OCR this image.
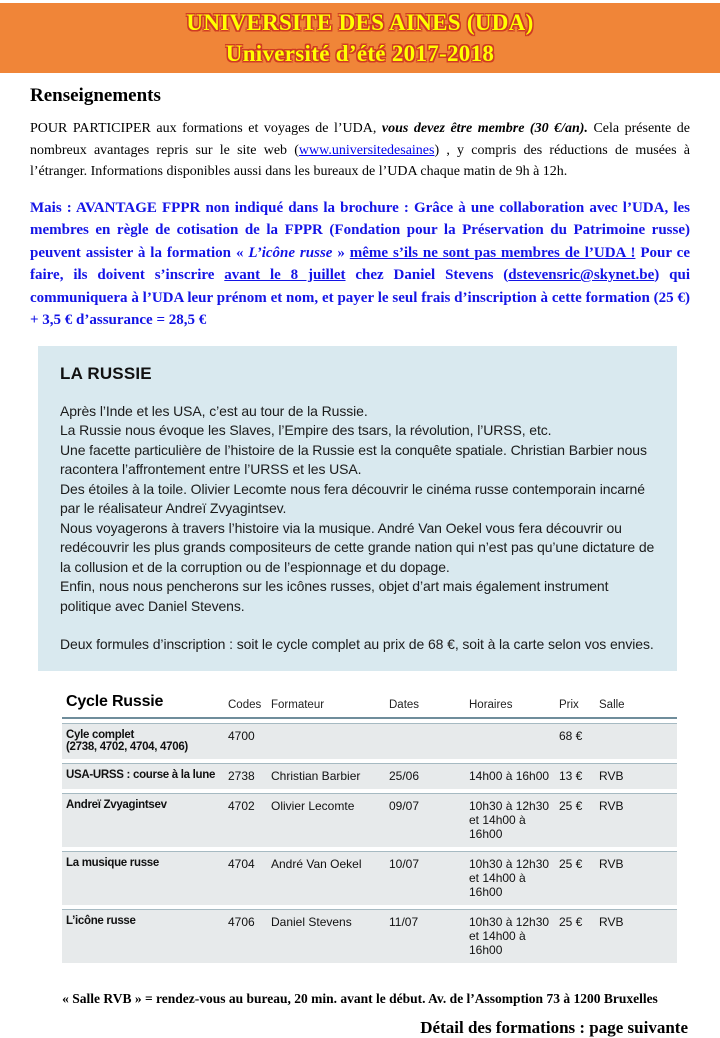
UNIVERSITE DES AINES (UDA)
Université d’été 2017-2018
Renseignements

POUR PARTICIPER aux formations et voyages de l’UDA, vous devez être membre (30 €/an). Cela présente de nombreux avantages repris sur le site web (www.universitedesaines) , y compris des réductions de musées à l’étranger. Informations disponibles aussi dans les bureaux de l’UDA chaque matin de 9h à 12h.

Mais : AVANTAGE FPPR non indiqué dans la brochure : Grâce à une collaboration avec l’UDA, les membres en règle de cotisation de la FPPR (Fondation pour la Préservation du Patrimoine russe) peuvent assister à la formation « L’icône russe » même s’ils ne sont pas membres de l’UDA ! Pour ce faire, ils doivent s’inscrire avant le 8 juillet chez Daniel Stevens (dstevensric@skynet.be) qui communiquera à l’UDA leur prénom et nom, et payer le seul frais d’inscription à cette formation (25 €) + 3,5 € d’assurance = 28,5 €

LA RUSSIE

Après l’Inde et les USA, c’est au tour de la Russie.

La Russie nous évoque les Slaves, l’Empire des tsars, la révolution, l’URSS, etc.

Une facette particulière de l’histoire de la Russie est la conquête spatiale. Christian Barbier nous racontera l’affrontement entre l’URSS et les USA.

Des étoiles à la toile. Olivier Lecomte nous fera découvrir le cinéma russe contemporain incarné par le réalisateur Andreï Zvyagintsev.

Nous voyagerons à travers l’histoire via la musique. André Van Oekel vous fera découvrir ou redécouvrir les plus grands compositeurs de cette grande nation qui n’est pas qu’une dictature de la collusion et de la corruption ou de l’espionnage et du dopage.

Enfin, nous nous pencherons sur les icônes russes, objet d’art mais également instrument politique avec Daniel Stevens.

Deux formules d’inscription : soit le cycle complet au prix de 68 €, soit à la carte selon vos envies.

Cycle Russie	Codes	Formateur	Dates	Horaires	Prix	Salle

Cyle complet
(2738, 4702, 4704, 4706)	4700				68 €	
USA-URSS : course à la lune	2738	Christian Barbier	25/06	14h00 à 16h00	13 €	RVB
Andreï Zvyagintsev	4702	Olivier Lecomte	09/07	10h30 à 12h30 et 14h00 à 16h00	25 €	RVB
La musique russe	4704	André Van Oekel	10/07	10h30 à 12h30 et 14h00 à 16h00	25 €	RVB
L’icône russe	4706	Daniel Stevens	11/07	10h30 à 12h30 et 14h00 à 16h00	25 €	RVB

« Salle RVB » = rendez-vous au bureau, 20 min. avant le début. Av. de l’Assomption 73 à 1200 Bruxelles

Détail des formations : page suivante
